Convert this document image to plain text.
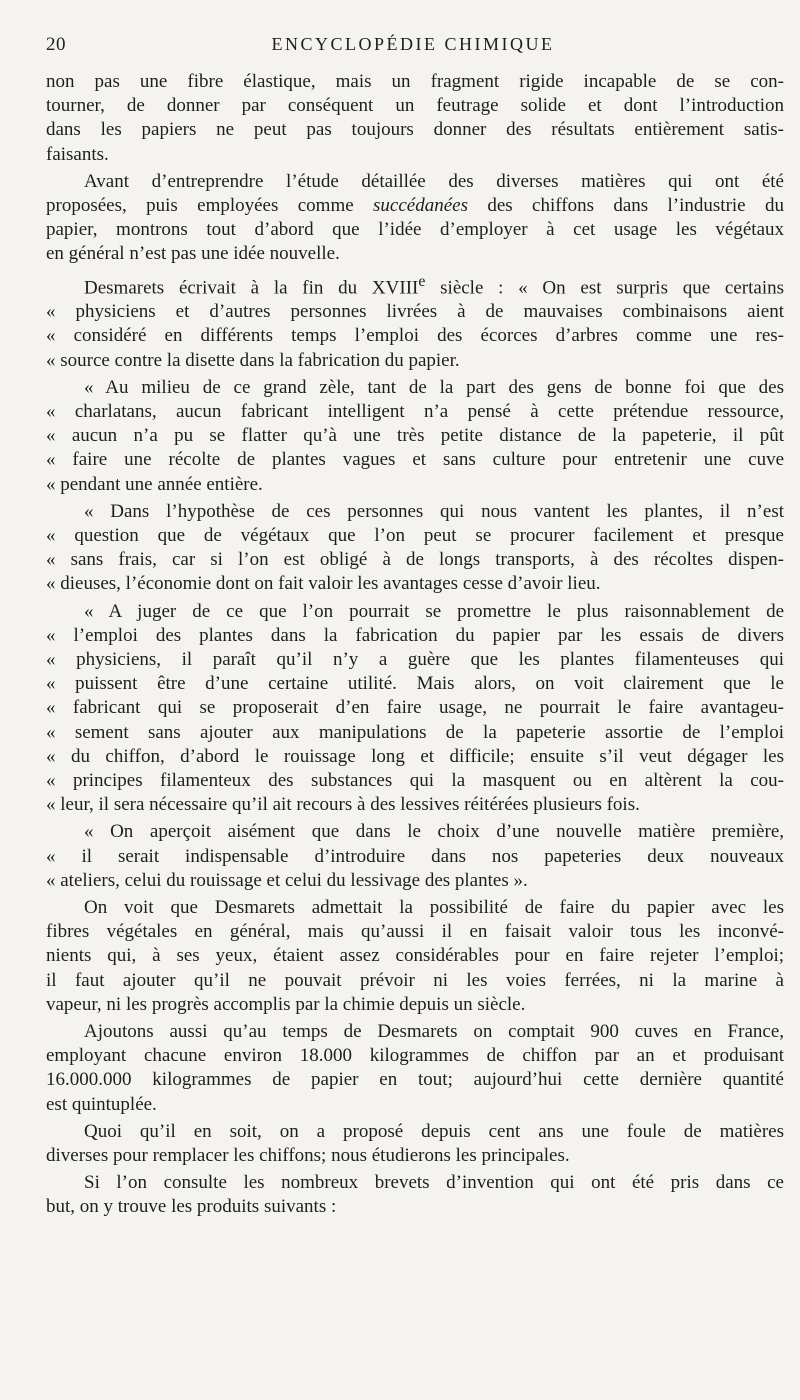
20	ENCYCLOPÉDIE CHIMIQUE

non pas une fibre élastique, mais un fragment rigide incapable de se con-
tourner, de donner par conséquent un feutrage solide et dont l’introduction
dans les papiers ne peut pas toujours donner des résultats entièrement satis-
faisants.

Avant d’entreprendre l’étude détaillée des diverses matières qui ont été
proposées, puis employées comme succédanées des chiffons dans l’industrie du
papier, montrons tout d’abord que l’idée d’employer à cet usage les végétaux
en général n’est pas une idée nouvelle.

Desmarets écrivait à la fin du XVIIIe siècle : « On est surpris que certains
« physiciens et d’autres personnes livrées à de mauvaises combinaisons aient
« considéré en différents temps l’emploi des écorces d’arbres comme une res-
« source contre la disette dans la fabrication du papier.

« Au milieu de ce grand zèle, tant de la part des gens de bonne foi que des
« charlatans, aucun fabricant intelligent n’a pensé à cette prétendue ressource,
« aucun n’a pu se flatter qu’à une très petite distance de la papeterie, il pût
« faire une récolte de plantes vagues et sans culture pour entretenir une cuve
« pendant une année entière.

« Dans l’hypothèse de ces personnes qui nous vantent les plantes, il n’est
« question que de végétaux que l’on peut se procurer facilement et presque
« sans frais, car si l’on est obligé à de longs transports, à des récoltes dispen-
« dieuses, l’économie dont on fait valoir les avantages cesse d’avoir lieu.

« A juger de ce que l’on pourrait se promettre le plus raisonnablement de
« l’emploi des plantes dans la fabrication du papier par les essais de divers
« physiciens, il paraît qu’il n’y a guère que les plantes filamenteuses qui
« puissent être d’une certaine utilité. Mais alors, on voit clairement que le
« fabricant qui se proposerait d’en faire usage, ne pourrait le faire avantageu-
« sement sans ajouter aux manipulations de la papeterie assortie de l’emploi
« du chiffon, d’abord le rouissage long et difficile; ensuite s’il veut dégager les
« principes filamenteux des substances qui la masquent ou en altèrent la cou-
« leur, il sera nécessaire qu’il ait recours à des lessives réitérées plusieurs fois.

« On aperçoit aisément que dans le choix d’une nouvelle matière première,
« il serait indispensable d’introduire dans nos papeteries deux nouveaux
« ateliers, celui du rouissage et celui du lessivage des plantes ».

On voit que Desmarets admettait la possibilité de faire du papier avec les
fibres végétales en général, mais qu’aussi il en faisait valoir tous les inconvé-
nients qui, à ses yeux, étaient assez considérables pour en faire rejeter l’emploi;
il faut ajouter qu’il ne pouvait prévoir ni les voies ferrées, ni la marine à
vapeur, ni les progrès accomplis par la chimie depuis un siècle.

Ajoutons aussi qu’au temps de Desmarets on comptait 900 cuves en France,
employant chacune environ 18.000 kilogrammes de chiffon par an et produisant
16.000.000 kilogrammes de papier en tout; aujourd’hui cette dernière quantité
est quintuplée.

Quoi qu’il en soit, on a proposé depuis cent ans une foule de matières
diverses pour remplacer les chiffons; nous étudierons les principales.

Si l’on consulte les nombreux brevets d’invention qui ont été pris dans ce
but, on y trouve les produits suivants :
